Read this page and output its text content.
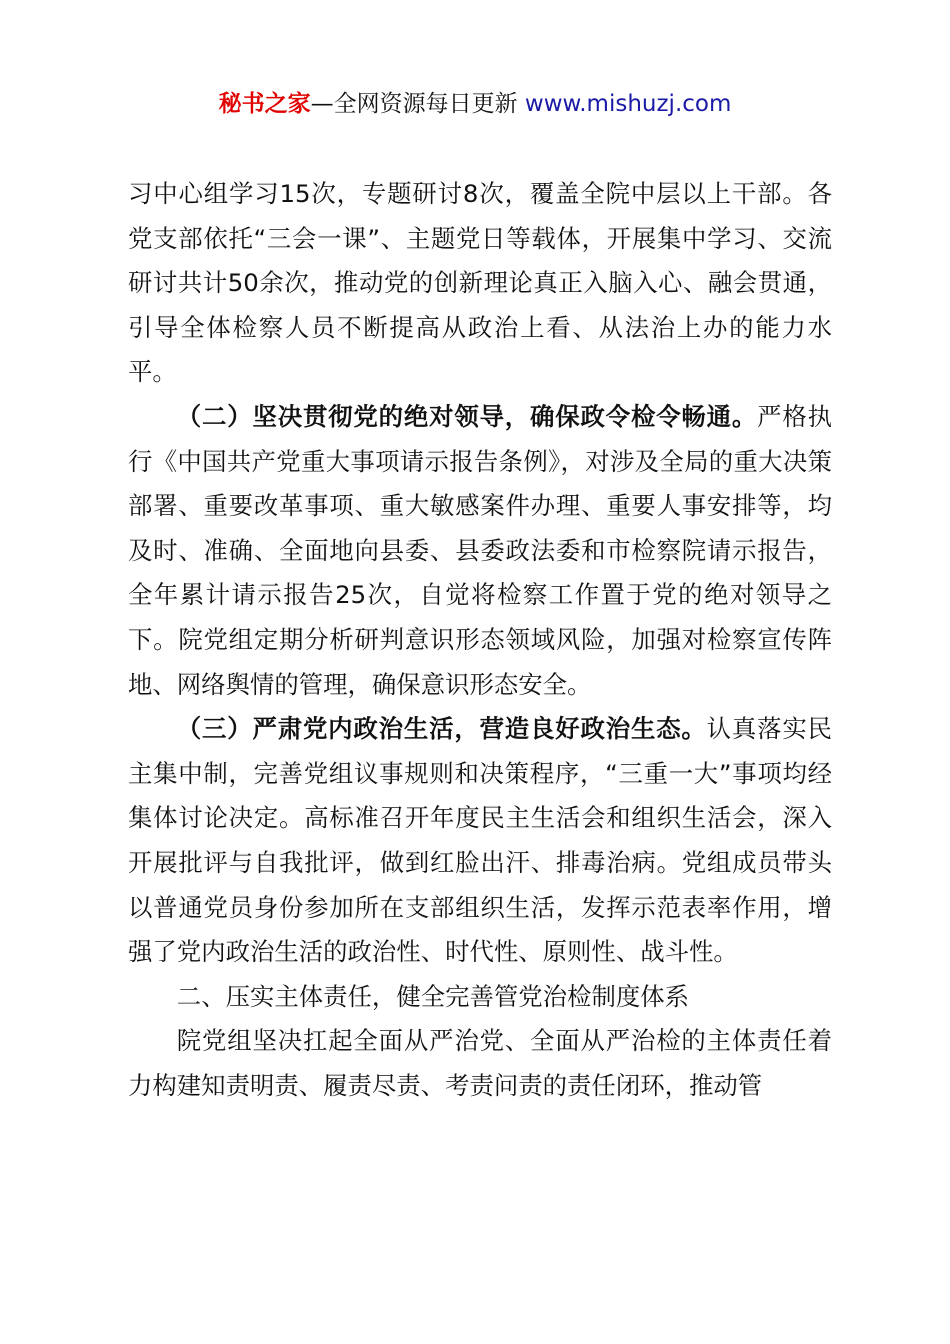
秘书之家—全网资源每日更新 www.mishuzj.com

习中心组学习15次，专题研讨8次，覆盖全院中层以上干部。各党支部依托“三会一课”、主题党日等载体，开展集中学习、交流研讨共计50余次，推动党的创新理论真正入脑入心、融会贯通，引导全体检察人员不断提高从政治上看、从法治上办的能力水平。

（二）坚决贯彻党的绝对领导，确保政令检令畅通。严格执行《中国共产党重大事项请示报告条例》，对涉及全局的重大决策部署、重要改革事项、重大敏感案件办理、重要人事安排等，均及时、准确、全面地向县委、县委政法委和市检察院请示报告，全年累计请示报告25次，自觉将检察工作置于党的绝对领导之下。院党组定期分析研判意识形态领域风险，加强对检察宣传阵地、网络舆情的管理，确保意识形态安全。

（三）严肃党内政治生活，营造良好政治生态。认真落实民主集中制，完善党组议事规则和决策程序，“三重一大”事项均经集体讨论决定。高标准召开年度民主生活会和组织生活会，深入开展批评与自我批评，做到红脸出汗、排毒治病。党组成员带头以普通党员身份参加所在支部组织生活，发挥示范表率作用，增强了党内政治生活的政治性、时代性、原则性、战斗性。

二、压实主体责任，健全完善管党治检制度体系

院党组坚决扛起全面从严治党、全面从严治检的主体责任着力构建知责明责、履责尽责、考责问责的责任闭环，推动管
